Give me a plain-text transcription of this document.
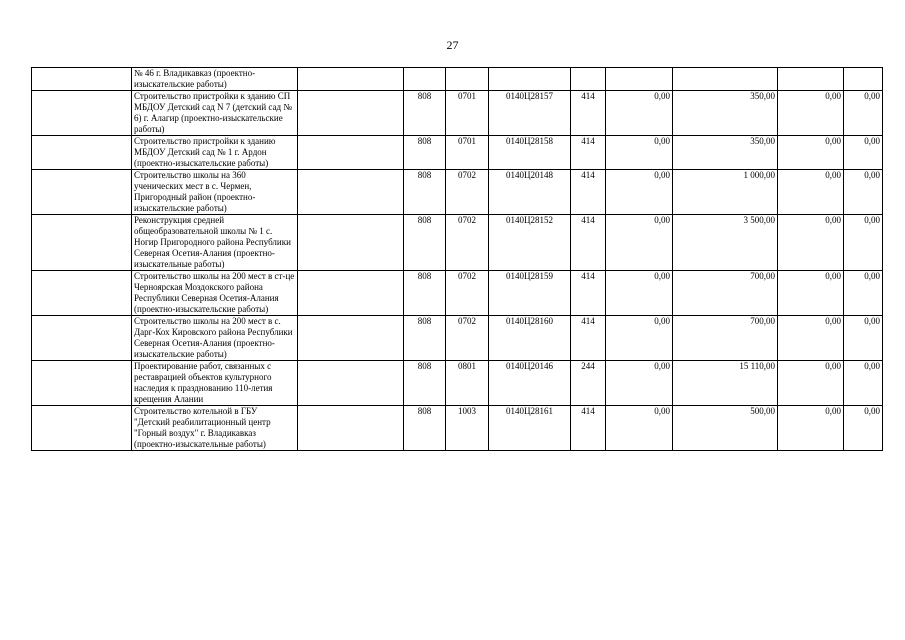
27
	№ 46 г. Владикавказ (проектно-изыскательские работы)									
	Строительство пристройки к зданию СП МБДОУ Детский сад N 7 (детский сад № 6) г. Алагир (проектно-изыскательские работы)		808	0701	0140Ц28157	414	0,00	350,00	0,00	0,00
	Строительство пристройки к зданию МБДОУ Детский сад № 1 г. Ардон (проектно-изыскательские работы)		808	0701	0140Ц28158	414	0,00	350,00	0,00	0,00
	Строительство школы на 360 ученических мест в с. Чермен, Пригородный район (проектно-изыскательские работы)		808	0702	0140Ц20148	414	0,00	1 000,00	0,00	0,00
	Реконструкция средней общеобразовательной школы № 1 с. Ногир Пригородного района Республики Северная Осетия-Алания (проектно-изыскательные работы)		808	0702	0140Ц28152	414	0,00	3 500,00	0,00	0,00
	Строительство школы на 200 мест в ст-це Черноярская Моздокского района Республики Северная Осетия-Алания (проектно-изыскательские работы)		808	0702	0140Ц28159	414	0,00	700,00	0,00	0,00
	Строительство школы на 200 мест в с. Дарг-Кох Кировского района Республики Северная Осетия-Алания (проектно-изыскательские работы)		808	0702	0140Ц28160	414	0,00	700,00	0,00	0,00
	Проектирование работ, связанных с реставрацией объектов культурного наследия к празднованию 110-летия крещения Алании		808	0801	0140Ц20146	244	0,00	15 110,00	0,00	0,00
	Строительство котельной в ГБУ "Детский реабилитационный центр "Горный воздух" г. Владикавказ (проектно-изыскательные работы)		808	1003	0140Ц28161	414	0,00	500,00	0,00	0,00
